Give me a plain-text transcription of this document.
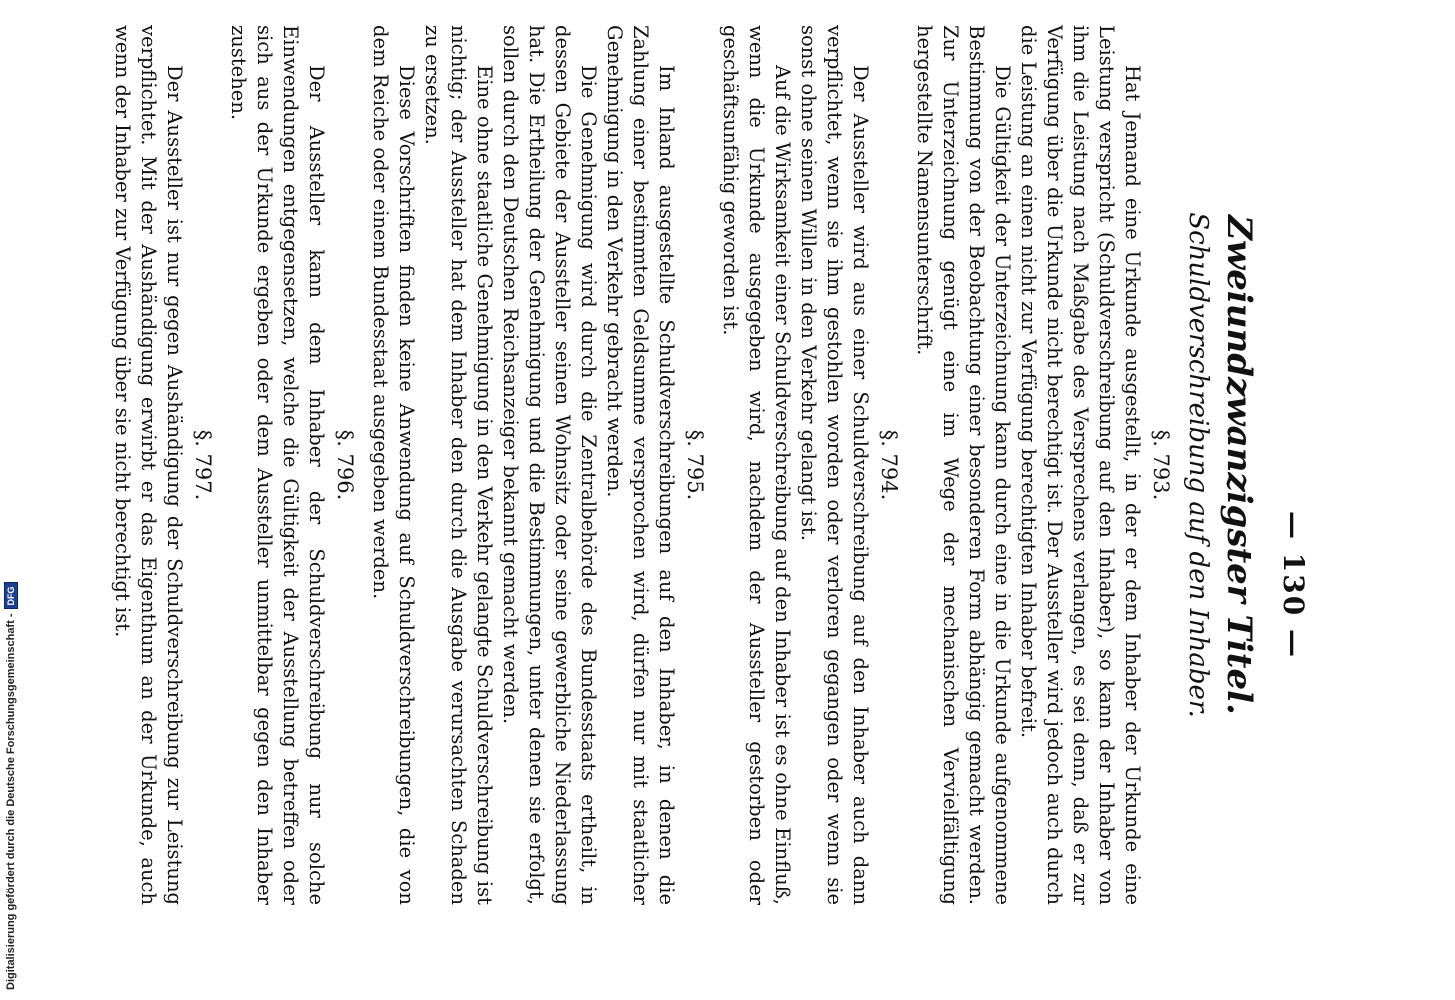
— 130 —
Zweiundzwanzigster Titel.
Schuldverschreibung auf den Inhaber.
§. 793.

Hat Jemand eine Urkunde ausgestellt, in der er dem Inhaber der Urkunde eine Leistung verspricht (Schuldverschreibung auf den Inhaber), so kann der Inhaber von ihm die Leistung nach Maßgabe des Versprechens verlangen, es sei denn, daß er zur Verfügung über die Urkunde nicht berechtigt ist. Der Aussteller wird jedoch auch durch die Leistung an einen nicht zur Verfügung berechtigten Inhaber befreit.

Die Gültigkeit der Unterzeichnung kann durch eine in die Urkunde aufgenommene Bestimmung von der Beobachtung einer besonderen Form abhängig gemacht werden. Zur Unterzeichnung genügt eine im Wege der mechanischen Vervielfältigung hergestellte Namensunterschrift.

§. 794.

Der Aussteller wird aus einer Schuldverschreibung auf den Inhaber auch dann verpflichtet, wenn sie ihm gestohlen worden oder verloren gegangen oder wenn sie sonst ohne seinen Willen in den Verkehr gelangt ist.

Auf die Wirksamkeit einer Schuldverschreibung auf den Inhaber ist es ohne Einfluß, wenn die Urkunde ausgegeben wird, nachdem der Aussteller gestorben oder geschäftsunfähig geworden ist.

§. 795.

Im Inland ausgestellte Schuldverschreibungen auf den Inhaber, in denen die Zahlung einer bestimmten Geldsumme versprochen wird, dürfen nur mit staatlicher Genehmigung in den Verkehr gebracht werden.

Die Genehmigung wird durch die Zentralbehörde des Bundesstaats ertheilt, in dessen Gebiete der Aussteller seinen Wohnsitz oder seine gewerbliche Niederlassung hat. Die Ertheilung der Genehmigung und die Bestimmungen, unter denen sie erfolgt, sollen durch den Deutschen Reichsanzeiger bekannt gemacht werden.

Eine ohne staatliche Genehmigung in den Verkehr gelangte Schuldverschreibung ist nichtig; der Aussteller hat dem Inhaber den durch die Ausgabe verursachten Schaden zu ersetzen.

Diese Vorschriften finden keine Anwendung auf Schuldverschreibungen, die von dem Reiche oder einem Bundesstaat ausgegeben werden.

§. 796.

Der Aussteller kann dem Inhaber der Schuldverschreibung nur solche Einwendungen entgegensetzen, welche die Gültigkeit der Ausstellung betreffen oder sich aus der Urkunde ergeben oder dem Aussteller unmittelbar gegen den Inhaber zustehen.

§. 797.

Der Aussteller ist nur gegen Aushändigung der Schuldverschreibung zur Leistung verpflichtet. Mit der Aushändigung erwirbt er das Eigenthum an der Urkunde, auch wenn der Inhaber zur Verfügung über sie nicht berechtigt ist.

Digitalisierung gefördert durch die Deutsche Forschungsgemeinschaft -
DFG
